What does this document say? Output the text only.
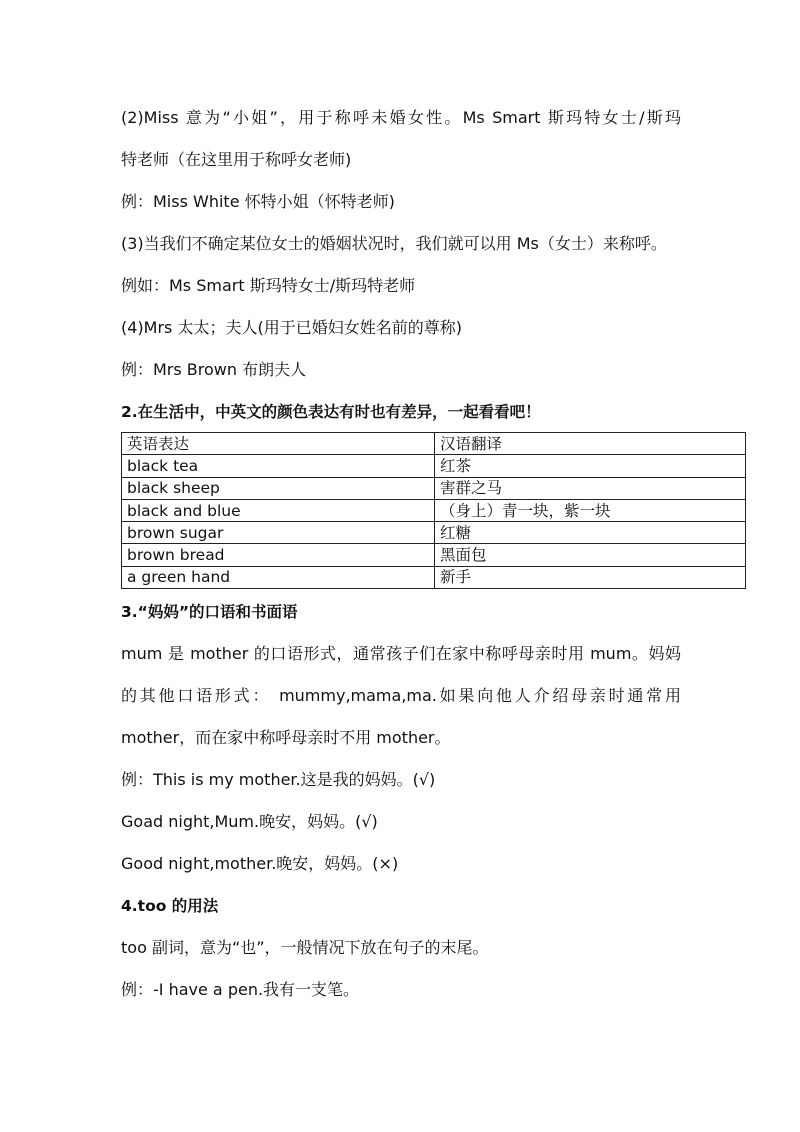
(2)Miss 意为“小姐”，用于称呼未婚女性。Ms Smart 斯玛特女士/斯玛
特老师（在这里用于称呼女老师)
例：Miss White 怀特小姐（怀特老师)
(3)当我们不确定某位女士的婚姻状况时，我们就可以用 Ms（女士）来称呼。
例如：Ms Smart 斯玛特女士/斯玛特老师
(4)Mrs 太太；夫人(用于已婚妇女姓名前的尊称)
例：Mrs Brown 布朗夫人
2.在生活中，中英文的颜色表达有时也有差异，一起看看吧！
英语表达	汉语翻译
black tea	红茶
black sheep	害群之马
black and blue	（身上）青一块，紫一块
brown sugar	红糖
brown bread	黑面包
a green hand	新手
3.“妈妈”的口语和书面语
mum 是 mother 的口语形式，通常孩子们在家中称呼母亲时用 mum。妈妈
的其他口语形式： mummy,mama,ma.如果向他人介绍母亲时通常用
mother，而在家中称呼母亲时不用 mother。
例：This is my mother.这是我的妈妈。(√)
Goad night,Mum.晚安，妈妈。(√)
Good night,mother.晚安，妈妈。(×)
4.too 的用法
too 副词，意为“也”，一般情况下放在句子的末尾。
例：-I have a pen.我有一支笔。
